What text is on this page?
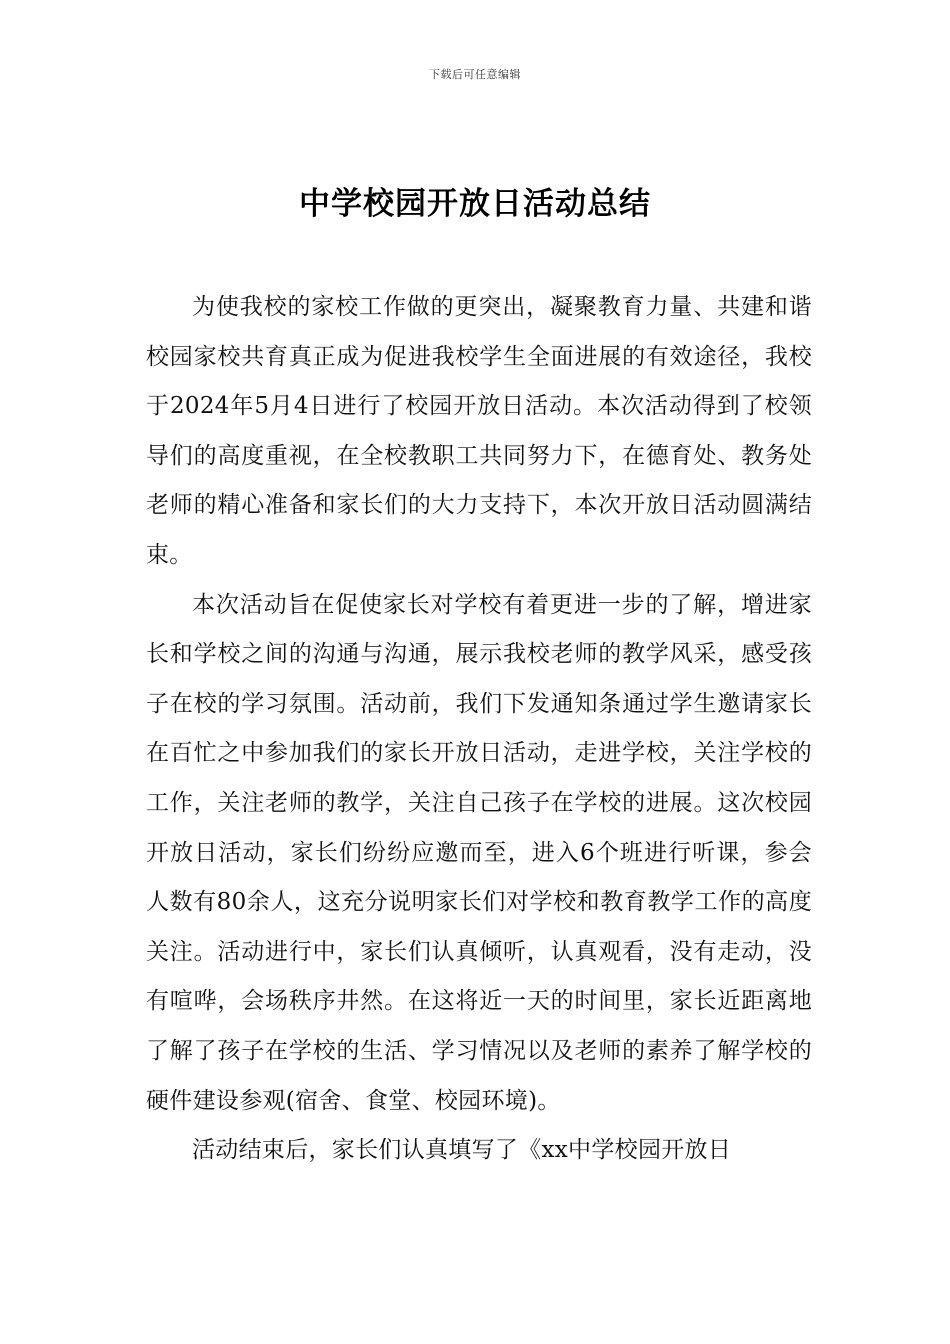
下载后可任意编辑
中学校园开放日活动总结

为使我校的家校工作做的更突出，凝聚教育力量、共建和谐校园家校共育真正成为促进我校学生全面进展的有效途径，我校于2024年5月4日进行了校园开放日活动。本次活动得到了校领导们的高度重视，在全校教职工共同努力下，在德育处、教务处老师的精心准备和家长们的大力支持下，本次开放日活动圆满结束。

本次活动旨在促使家长对学校有着更进一步的了解，增进家长和学校之间的沟通与沟通，展示我校老师的教学风采，感受孩子在校的学习氛围。活动前，我们下发通知条通过学生邀请家长在百忙之中参加我们的家长开放日活动，走进学校，关注学校的工作，关注老师的教学，关注自己孩子在学校的进展。这次校园开放日活动，家长们纷纷应邀而至，进入6个班进行听课，参会人数有80余人，这充分说明家长们对学校和教育教学工作的高度关注。活动进行中，家长们认真倾听，认真观看，没有走动，没有喧哗，会场秩序井然。在这将近一天的时间里，家长近距离地了解了孩子在学校的生活、学习情况以及老师的素养了解学校的硬件建设参观(宿舍、食堂、校园环境)。

活动结束后，家长们认真填写了《xx中学校园开放日
